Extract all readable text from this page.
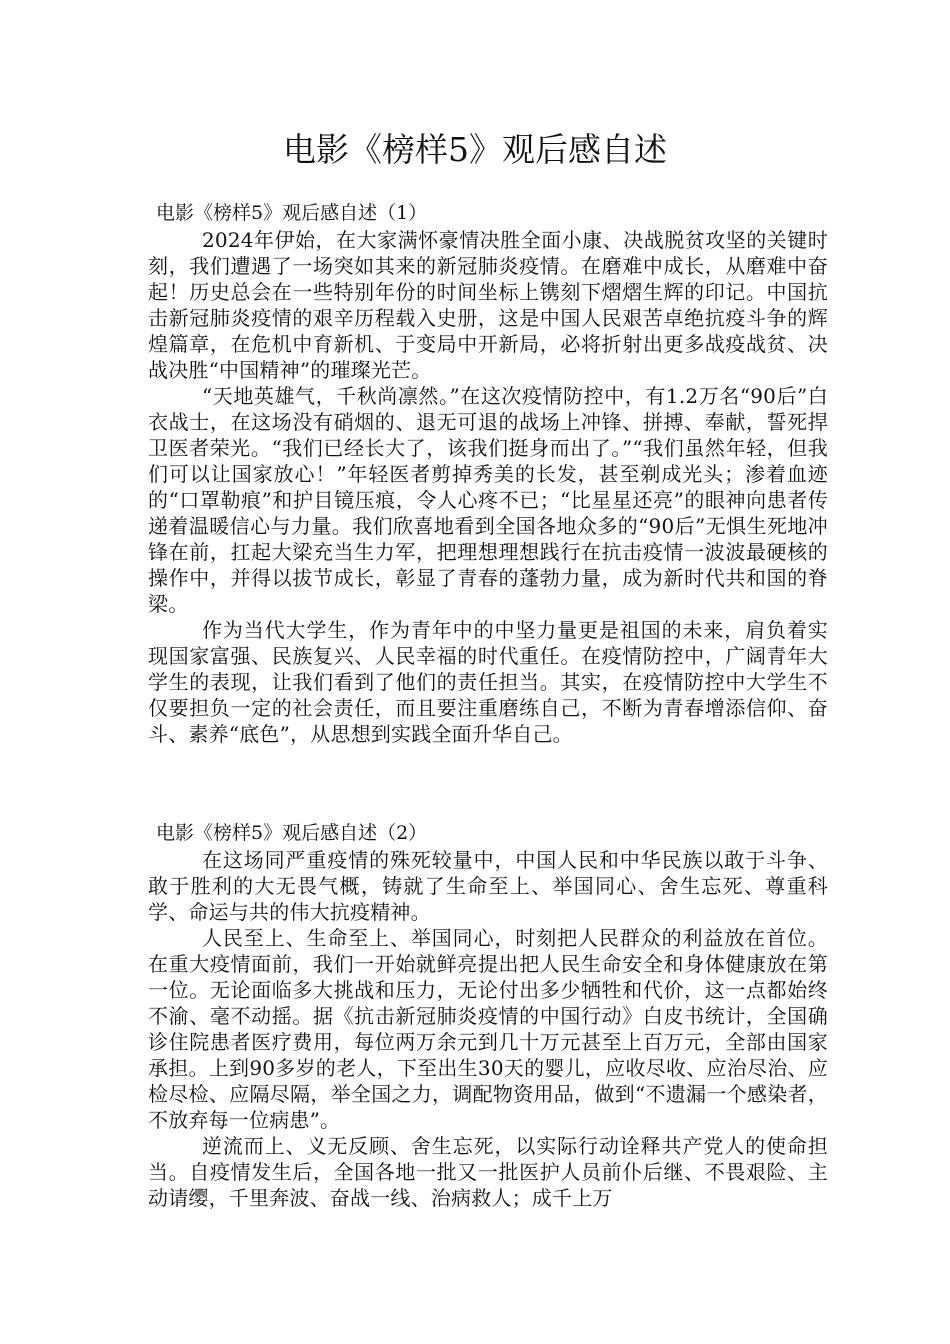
电影《榜样5》观后感自述
电影《榜样5》观后感自述（1）

2024年伊始，在大家满怀豪情决胜全面小康、决战脱贫攻坚的关键时刻，我们遭遇了一场突如其来的新冠肺炎疫情。在磨难中成长，从磨难中奋起！历史总会在一些特别年份的时间坐标上镌刻下熠熠生辉的印记。中国抗击新冠肺炎疫情的艰辛历程载入史册，这是中国人民艰苦卓绝抗疫斗争的辉煌篇章，在危机中育新机、于变局中开新局，必将折射出更多战疫战贫、决战决胜“中国精神”的璀璨光芒。

“天地英雄气，千秋尚凛然。”在这次疫情防控中，有1.2万名“90后”白衣战士，在这场没有硝烟的、退无可退的战场上冲锋、拼搏、奉献，誓死捍卫医者荣光。“我们已经长大了，该我们挺身而出了。”“我们虽然年轻，但我们可以让国家放心！”年轻医者剪掉秀美的长发，甚至剃成光头；渗着血迹的“口罩勒痕”和护目镜压痕，令人心疼不已；“比星星还亮”的眼神向患者传递着温暖信心与力量。我们欣喜地看到全国各地众多的“90后”无惧生死地冲锋在前，扛起大梁充当生力军，把理想理想践行在抗击疫情一波波最硬核的操作中，并得以拔节成长，彰显了青春的蓬勃力量，成为新时代共和国的脊梁。

作为当代大学生，作为青年中的中坚力量更是祖国的未来，肩负着实现国家富强、民族复兴、人民幸福的时代重任。在疫情防控中，广阔青年大学生的表现，让我们看到了他们的责任担当。其实，在疫情防控中大学生不仅要担负一定的社会责任，而且要注重磨练自己，不断为青春增添信仰、奋斗、素养“底色”，从思想到实践全面升华自己。

电影《榜样5》观后感自述（2）

在这场同严重疫情的殊死较量中，中国人民和中华民族以敢于斗争、敢于胜利的大无畏气概，铸就了生命至上、举国同心、舍生忘死、尊重科学、命运与共的伟大抗疫精神。

人民至上、生命至上、举国同心，时刻把人民群众的利益放在首位。在重大疫情面前，我们一开始就鲜亮提出把人民生命安全和身体健康放在第一位。无论面临多大挑战和压力，无论付出多少牺牲和代价，这一点都始终不渝、毫不动摇。据《抗击新冠肺炎疫情的中国行动》白皮书统计，全国确诊住院患者医疗费用，每位两万余元到几十万元甚至上百万元，全部由国家承担。上到90多岁的老人，下至出生30天的婴儿，应收尽收、应治尽治、应检尽检、应隔尽隔，举全国之力，调配物资用品，做到“不遗漏一个感染者，不放弃每一位病患”。

逆流而上、义无反顾、舍生忘死，以实际行动诠释共产党人的使命担当。自疫情发生后，全国各地一批又一批医护人员前仆后继、不畏艰险、主动请缨，千里奔波、奋战一线、治病救人；成千上万
